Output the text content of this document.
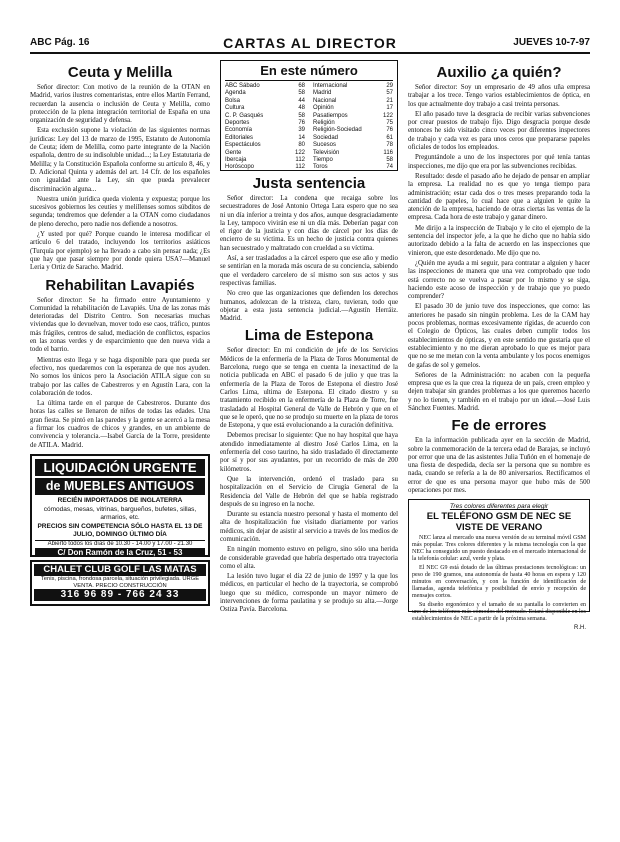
ABC Pág. 16	CARTAS AL DIRECTOR	JUEVES 10-7-97
Ceuta y Melilla

Señor director: Con motivo de la reunión de la OTAN en Madrid, varios ilustres comentaristas, entre ellos Martín Ferrand, recuerdan la ausencia o inclusión de Ceuta y Melilla, como protección de la plena integración territorial de España en una organización de seguridad y defensa.

Esta exclusión supone la violación de las siguientes normas jurídicas: Ley del 13 de marzo de 1995, Estatuto de Autonomía de Ceuta; ídem de Melilla, como parte integrante de la Nación española, dentro de su indisoluble unidad...; la Ley Estatutaria de Melilla; y la Constitución Española conforme su artículo 8, 46, y D. Adicional Quinta y además del art. 14 Cfr. de los españoles con igualdad ante la Ley, sin que pueda prevalecer discriminación alguna...

Nuestra unión jurídica queda violenta y expuesta; porque los sucesivos gobiernos les ceutíes y melillenses somos súbditos de segunda; tendremos que defender a la OTAN como ciudadanos de pleno derecho, pero nadie nos defiende a nosotros.

¿Y usted por qué? Porque cuando le interesa modificar el artículo 6 del tratado, incluyendo los territorios asiáticos (Turquía por ejemplo) se ha llevado a cabo sin pensar nada; ¿Es que hay que pasar siempre por donde quiera USA?—Manuel Leria y Ortiz de Saracho. Madrid.

Rehabilitan Lavapiés

Señor director: Se ha firmado entre Ayuntamiento y Comunidad la rehabilitación de Lavapiés. Una de las zonas más deterioradas del Distrito Centro. Son necesarias muchas viviendas que lo devuelvan, mover todo ese caos, tráfico, puntos más frágiles, centros de salud, mediación de conflictos, espacios en las zonas verdes y de esparcimiento que den nueva vida a todo el barrio.

Mientras esto llega y se haga disponible para que pueda ser efectivo, nos quedaremos con la esperanza de que nos ayuden. No somos los únicos pero la Asociación ATILA sigue con su trabajo por las calles de Cabestreros y en Agustín Lara, con la colaboración de todos.

La última tarde en el parque de Cabestreros. Durante dos horas las calles se llenaron de niños de todas las edades. Una gran fiesta. Se pintó en las paredes y la gente se acercó a la mesa a firmar los cuadros de chicos y grandes, en un ambiente de convivencia y tolerancia.—Isabel García de la Torre, presidente de ATILA. Madrid.

LIQUIDACIÓN URGENTE
de MUEBLES ANTIGUOS
RECIÉN IMPORTADOS DE INGLATERRA
cómodas, mesas, vitrinas, bargueños, bufetes, sillas, armarios, etc.
PRECIOS SIN COMPETENCIA SÓLO HASTA EL 13 DE JULIO, DOMINGO ÚLTIMO DÍA
Abierto todos los días de 10.30 - 14.00 y 17.00 - 21.30
C/ Don Ramón de la Cruz, 51 - 53
CHALET CLUB GOLF LAS MATAS
Tenis, piscina, frondosa parcela, situación privilegiada. URGE VENTA. PRECIO CONSTRUCCIÓN
316 96 89 - 766 24 33
En este número
ABC Sábado	68
Agenda	58
Bolsa	44
Cultura	48
C. P. Gasqués	58
Deportes	76
Economía	39
Editoriales	14
Espectáculos	80
Gente	122
Ibercaja	112
Horóscopo	112
Internacional	29
Madrid	57
Nacional	21
Opinión	17
Pasatiempos	122
Religión	75
Religión-Sociedad	76
Sociedad	61
Sucesos	78
Televisión	116
Tiempo	58
Toros	74
Justa sentencia

Señor director: La condena que recaiga sobre los secuestradores de José Antonio Ortega Lara espero que no sea ni un día inferior a treinta y dos años, aunque desgraciadamente la Ley, tampoco vivirán ese ni un día más. Deberían pagar con el rigor de la justicia y con días de cárcel por los días de encierro de su víctima. Es un hecho de justicia contra quienes han secuestrado y maltratado con crueldad a su víctima.

Así, a ser trasladados a la cárcel espero que ese año y medio se sentirían en la morada más oscura de su conciencia, sabiendo que el verdadero carcelero de sí mismo son sus actos y sus respectivas familias.

No creo que las organizaciones que defienden los derechos humanos, adolezcan de la tristeza, claro, tuvieran, todo que objetar a esta justa sentencia judicial.—Agustín Herráiz. Madrid.

Lima de Estepona

Señor director: En mi condición de jefe de los Servicios Médicos de la enfermería de la Plaza de Toros Monumental de Barcelona, ruego que se tenga en cuenta la inexactitud de la noticia publicada en ABC el pasado 6 de julio y que tras la enfermería de la Plaza de Toros de Estepona el diestro José Carlos Lima, ultima de Estepona. El citado diestro y su tratamiento recibido en la enfermería de la Plaza de Torre, fue trasladado al Hospital General de Valle de Hebrón y que en el que se le operó, que no se produjo su muerte en la plaza de toros de Estepona, y que está evolucionando a la curación definitiva.

Debemos precisar lo siguiente: Que no hay hospital que haya atendido inmediatamente al diestro José Carlos Lima, en la enfermería del coso taurino, ha sido trasladado él directamente por sí y por sus ayudantes, por un recorrido de más de 200 kilómetros.

Que la intervención, ordenó el traslado para su hospitalización en el Servicio de Cirugía General de la Residencia del Valle de Hebrón del que se había registrado después de su ingreso en la noche.

Durante su estancia nuestro personal y hasta el momento del alta de hospitalización fue visitado diariamente por varios médicos, sin dejar de asistir al servicio a través de los medios de comunicación.

En ningún momento estuvo en peligro, sino sólo una herida de considerable gravedad que habría despertado otra trayectoria como el alta.

La lesión tuvo lugar el día 22 de junio de 1997 y la que los médicos, en particular el hecho de la trayectoria, se comprobó luego que su médico, corresponde un mayor número de intervenciones de forma paulatina y se produjo su alta.—Jorge Ostiza Pavía. Barcelona.

Auxilio ¿a quién?

Señor director: Soy un empresario de 49 años uña empresa trabajar a los trece. Tengo varios establecimientos de óptica, en los que actualmente doy trabajo a casi treinta personas.

El año pasado tuve la desgracia de recibir varias subvenciones por crear puestos de trabajo fijo. Digo desgracia porque desde entonces he sido visitado cinco veces por diferentes inspectores de trabajo y cada vez es para unos ceros que prepararse papeles oficiales de todos los empleados.

Preguntándole a uno de los inspectores por qué tenía tantas inspecciones, me dijo que era por las subvenciones recibidas.

Resultado: desde el pasado año he dejado de pensar en ampliar la empresa. La realidad no es que yo tenga tiempo para administración; estar cada dos o tres meses preparando toda la cantidad de papeles, lo cual hace que a alguien le quite la atención de la empresa, haciendo de otras ciertas las ventas de la empresa. Cada hora de este trabajo y ganar dinero.

Me dirijo a la inspección de Trabajo y le cito el ejemplo de la sentencia del inspector jefe, a la que he dicho que no había sido autorizado debido a la falta de acuerdo en las inspecciones que vinieron, que este desordenado. Me dijo que no.

¿Quién me ayuda a mi seguir, para contratar a alguien y hacer las inspecciones de manera que una vez comprobado que todo está correcto no se vuelva a pasar por lo mismo y se siga, haciendo este acoso de inspección y de trabajo que yo puedo comprender?

El pasado 30 de junio tuve dos inspecciones, que como: las anteriores he pasado sin ningún problema. Les de la CAM hay pocos problemas, normas excesivamente rígidas, de acuerdo con el Colegio de Ópticos, las cuales deben cumplir todos los establecimientos de ópticas, y en este sentido me gustaría que el establecimiento y no me dieran aprobado lo que es mejor para que no se me metan con la venta ambulante y los pocos enemigos de gafas de sol y gemelos.

Señores de la Administración: no acaben con la pequeña empresa que es la que crea la riqueza de un país, creen empleo y dejen trabajar sin grandes problemas a los que queremos hacerlo y no lo tienen, y también en el trabajo por un ideal.—José Luis Sánchez Fuentes. Madrid.

Fe de errores

En la información publicada ayer en la sección de Madrid, sobre la conmemoración de la tercera edad de Barajas, se incluyó por error que una de las asistentes Julia Tuñón en el homenaje de una fiesta de despedida, decía ser la persona que su nombre es nada, cuando se refería a la de 80 aniversarios. Rectificamos el error de que es una persona mayor que hubo más de 500 operaciones por mes.

Tres colores diferentes para elegir
EL TELÉFONO GSM DE NEC SE VISTE DE VERANO

NEC lanza al mercado una nueva versión de su terminal móvil GSM más popular. Tres colores diferentes y la misma tecnología con la que NEC ha conseguido un puesto destacado en el mercado internacional de la telefonía celular: azul, verde y plata.

El NEC G9 está dotado de las últimas prestaciones tecnológicas: un peso de 190 gramos, una autonomía de hasta 40 horas en espera y 120 minutos en conversación, y con la función de identificación de llamadas, agenda telefónica y posibilidad de envío y recepción de mensajes cortos.

Su diseño ergonómico y el tamaño de su pantalla lo convierten en uno de los teléfonos más cómodos del mercado. Estará disponible en los establecimientos de NEC a partir de la próxima semana.

R.H.
